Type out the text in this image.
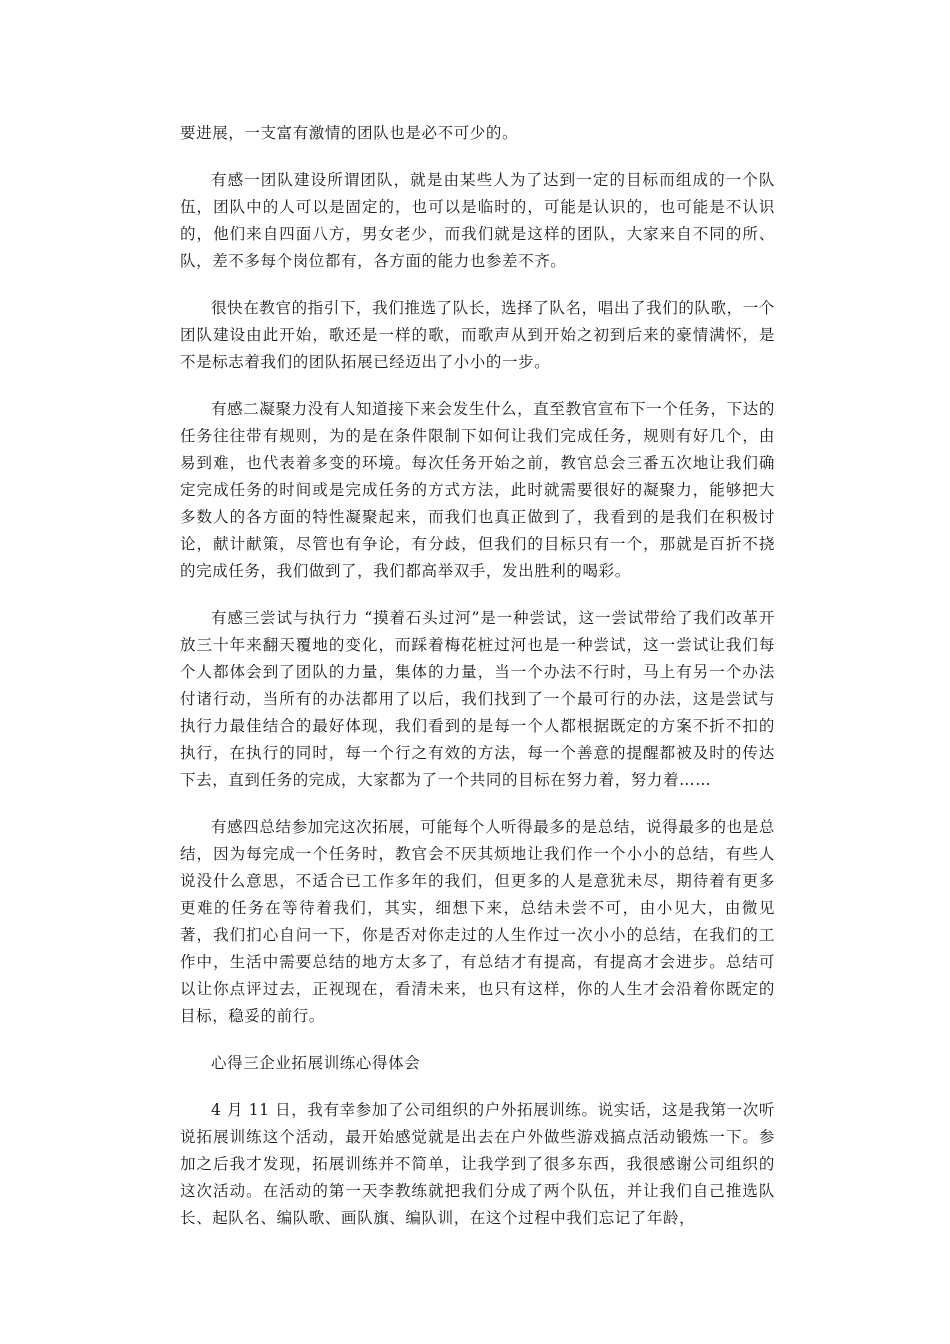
要进展，一支富有激情的团队也是必不可少的。

有感一团队建设所谓团队，就是由某些人为了达到一定的目标而组成的一个队伍，团队中的人可以是固定的，也可以是临时的，可能是认识的，也可能是不认识的，他们来自四面八方，男女老少，而我们就是这样的团队，大家来自不同的所、队，差不多每个岗位都有，各方面的能力也参差不齐。

很快在教官的指引下，我们推选了队长，选择了队名，唱出了我们的队歌，一个团队建设由此开始，歌还是一样的歌，而歌声从到开始之初到后来的豪情满怀，是不是标志着我们的团队拓展已经迈出了小小的一步。

有感二凝聚力没有人知道接下来会发生什么，直至教官宣布下一个任务，下达的任务往往带有规则，为的是在条件限制下如何让我们完成任务，规则有好几个，由易到难，也代表着多变的环境。每次任务开始之前，教官总会三番五次地让我们确定完成任务的时间或是完成任务的方式方法，此时就需要很好的凝聚力，能够把大多数人的各方面的特性凝聚起来，而我们也真正做到了，我看到的是我们在积极讨论，献计献策，尽管也有争论，有分歧，但我们的目标只有一个，那就是百折不挠的完成任务，我们做到了，我们都高举双手，发出胜利的喝彩。

有感三尝试与执行力 “摸着石头过河”是一种尝试，这一尝试带给了我们改革开放三十年来翻天覆地的变化，而踩着梅花桩过河也是一种尝试，这一尝试让我们每个人都体会到了团队的力量，集体的力量，当一个办法不行时，马上有另一个办法付诸行动，当所有的办法都用了以后，我们找到了一个最可行的办法，这是尝试与执行力最佳结合的最好体现，我们看到的是每一个人都根据既定的方案不折不扣的执行，在执行的同时，每一个行之有效的方法，每一个善意的提醒都被及时的传达下去，直到任务的完成，大家都为了一个共同的目标在努力着，努力着……

有感四总结参加完这次拓展，可能每个人听得最多的是总结，说得最多的也是总结，因为每完成一个任务时，教官会不厌其烦地让我们作一个小小的总结，有些人说没什么意思，不适合已工作多年的我们，但更多的人是意犹未尽，期待着有更多更难的任务在等待着我们，其实，细想下来，总结未尝不可，由小见大，由微见著，我们扪心自问一下，你是否对你走过的人生作过一次小小的总结，在我们的工作中，生活中需要总结的地方太多了，有总结才有提高，有提高才会进步。总结可以让你点评过去，正视现在，看清未来，也只有这样，你的人生才会沿着你既定的目标，稳妥的前行。

心得三企业拓展训练心得体会

4 月 11 日，我有幸参加了公司组织的户外拓展训练。说实话，这是我第一次听说拓展训练这个活动，最开始感觉就是出去在户外做些游戏搞点活动锻炼一下。参加之后我才发现，拓展训练并不简单，让我学到了很多东西，我很感谢公司组织的这次活动。在活动的第一天李教练就把我们分成了两个队伍，并让我们自己推选队长、起队名、编队歌、画队旗、编队训，在这个过程中我们忘记了年龄，
